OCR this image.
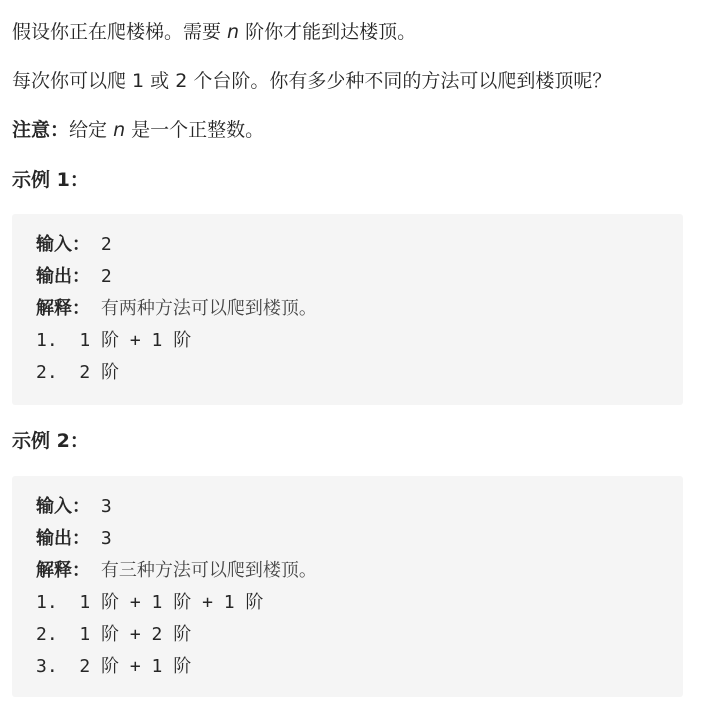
假设你正在爬楼梯。需要 n 阶你才能到达楼顶。

每次你可以爬 1 或 2 个台阶。你有多少种不同的方法可以爬到楼顶呢？

注意：给定 n 是一个正整数。

示例 1：

输入： 2
输出： 2
解释： 有两种方法可以爬到楼顶。
1. 1 阶 + 1 阶
2. 2 阶

示例 2：

输入： 3
输出： 3
解释： 有三种方法可以爬到楼顶。
1. 1 阶 + 1 阶 + 1 阶
2. 1 阶 + 2 阶
3. 2 阶 + 1 阶
